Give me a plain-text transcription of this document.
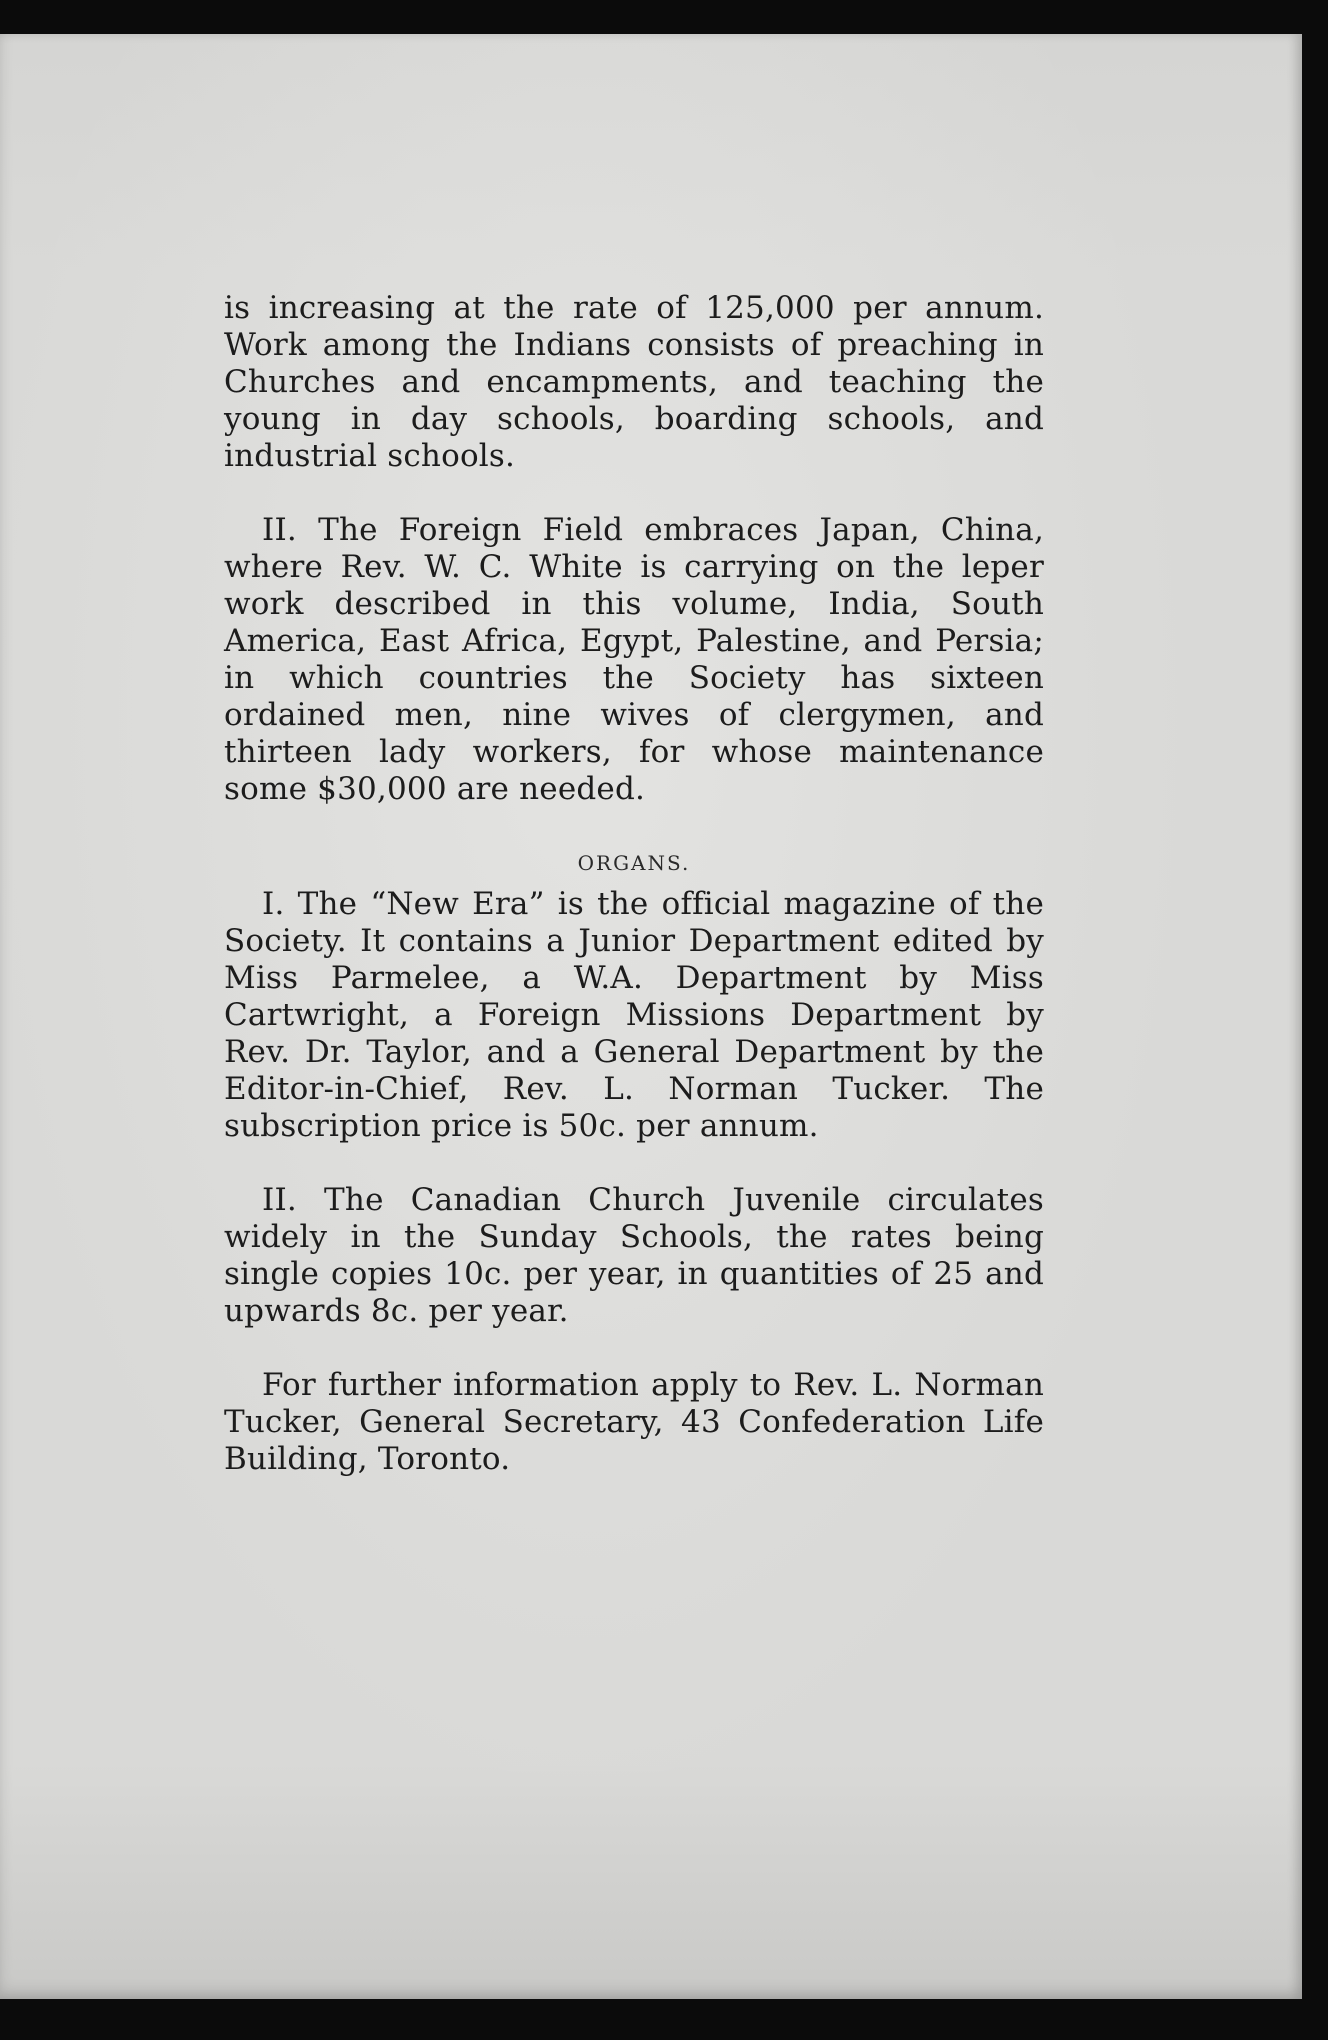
is increasing at the rate of 125,000 per annum. Work among the Indians consists of preaching in Churches and encampments, and teaching the young in day schools, boarding schools, and industrial schools.

II. The Foreign Field embraces Japan, China, where Rev. W. C. White is carrying on the leper work described in this volume, India, South America, East Africa, Egypt, Palestine, and Persia; in which countries the Society has sixteen ordained men, nine wives of clergymen, and thirteen lady workers, for whose maintenance some $30,000 are needed.

ORGANS.

I. The “New Era” is the official magazine of the Society. It contains a Junior Department edited by Miss Parmelee, a W.A. Department by Miss Cartwright, a Foreign Missions Department by Rev. Dr. Taylor, and a General Department by the Editor-in-Chief, Rev. L. Norman Tucker. The subscription price is 50c. per annum.

II. The Canadian Church Juvenile circulates widely in the Sunday Schools, the rates being single copies 10c. per year, in quantities of 25 and upwards 8c. per year.

For further information apply to Rev. L. Norman Tucker, General Secretary, 43 Confederation Life Building, Toronto.
